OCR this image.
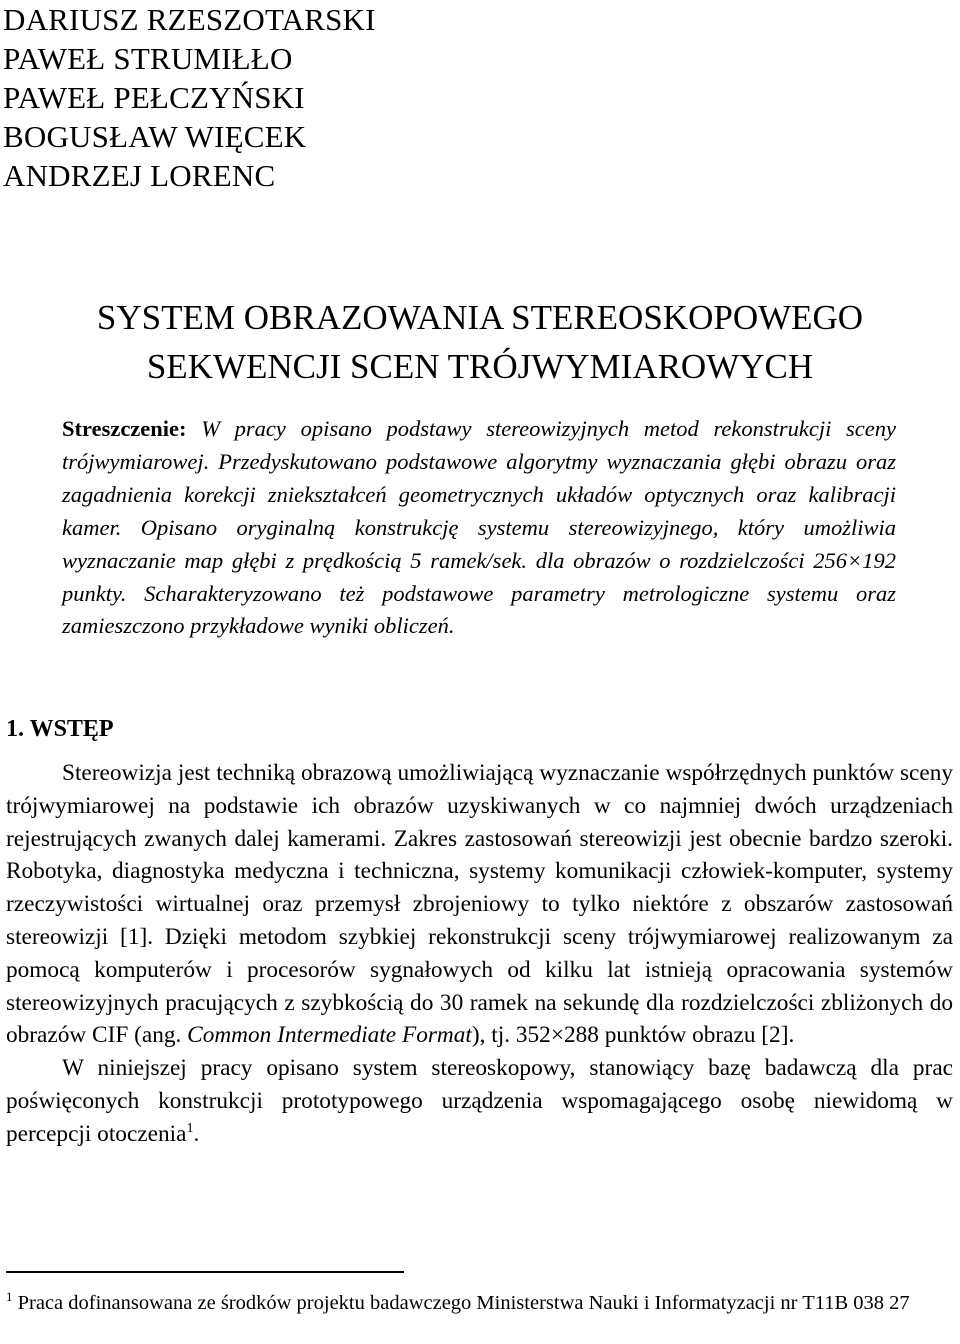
DARIUSZ RZESZOTARSKI
PAWEŁ STRUMIŁŁO
PAWEŁ PEŁCZYŃSKI
BOGUSŁAW WIĘCEK
ANDRZEJ LORENC
SYSTEM OBRAZOWANIA STEREOSKOPOWEGO
SEKWENCJI SCEN TRÓJWYMIAROWYCH
Streszczenie: W pracy opisano podstawy stereowizyjnych metod rekonstrukcji sceny trójwymiarowej. Przedyskutowano podstawowe algorytmy wyznaczania głębi obrazu oraz zagadnienia korekcji zniekształceń geometrycznych układów optycznych oraz kalibracji kamer. Opisano oryginalną konstrukcję systemu stereowizyjnego, który umożliwia wyznaczanie map głębi z prędkością 5 ramek/sek. dla obrazów o rozdzielczości 256×192 punkty. Scharakteryzowano też podstawowe parametry metrologiczne systemu oraz zamieszczono przykładowe wyniki obliczeń.
1. WSTĘP

Stereowizja jest techniką obrazową umożliwiającą wyznaczanie współrzędnych punktów sceny trójwymiarowej na podstawie ich obrazów uzyskiwanych w co najmniej dwóch urządzeniach rejestrujących zwanych dalej kamerami. Zakres zastosowań stereowizji jest obecnie bardzo szeroki. Robotyka, diagnostyka medyczna i techniczna, systemy komunikacji człowiek-komputer, systemy rzeczywistości wirtualnej oraz przemysł zbrojeniowy to tylko niektóre z obszarów zastosowań stereowizji [1]. Dzięki metodom szybkiej rekonstrukcji sceny trójwymiarowej realizowanym za pomocą komputerów i procesorów sygnałowych od kilku lat istnieją opracowania systemów stereowizyjnych pracujących z szybkością do 30 ramek na sekundę dla rozdzielczości zbliżonych do obrazów CIF (ang. Common Intermediate Format), tj. 352×288 punktów obrazu [2].

W niniejszej pracy opisano system stereoskopowy, stanowiący bazę badawczą dla prac poświęconych konstrukcji prototypowego urządzenia wspomagającego osobę niewidomą w percepcji otoczenia$^1$.

$^1$ Praca dofinansowana ze środków projektu badawczego Ministerstwa Nauki i Informatyzacji nr T11B 038 27
